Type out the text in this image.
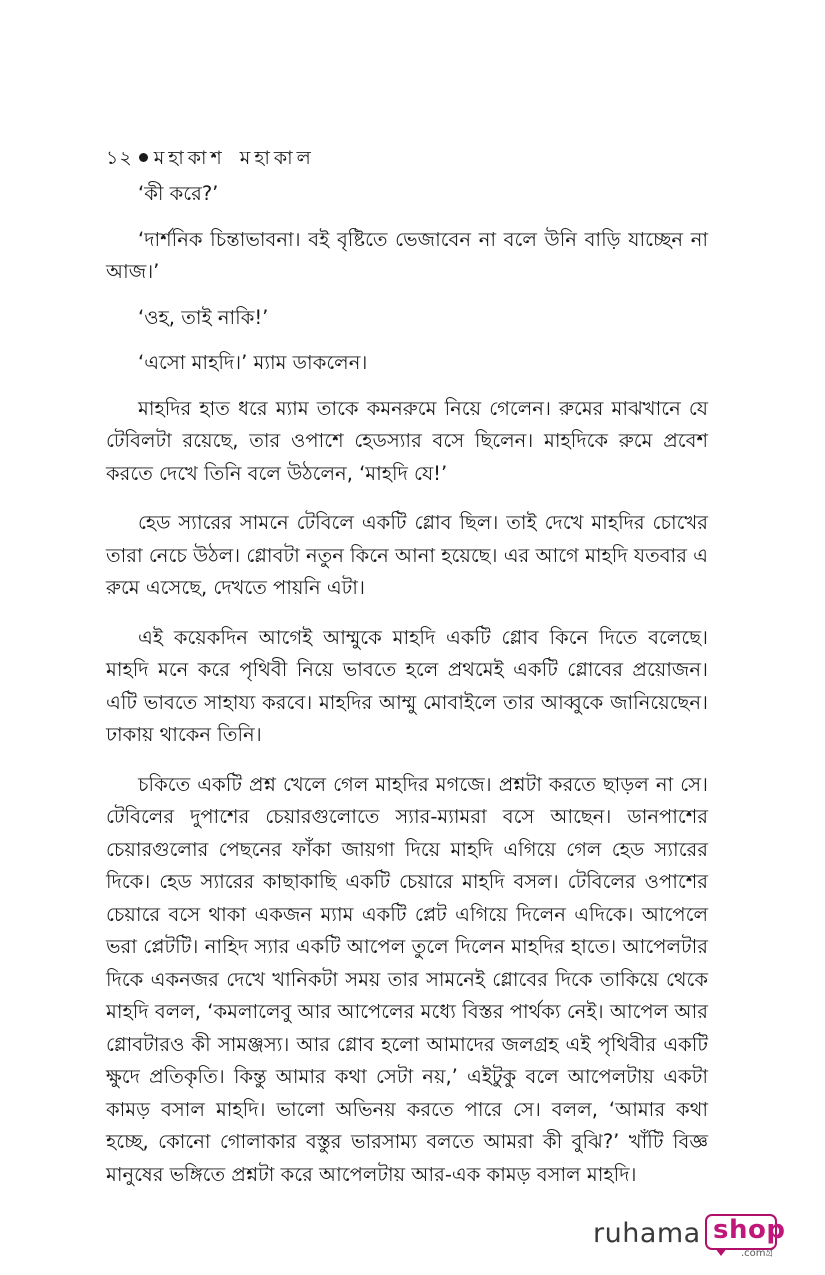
১২ মহাকাশ মহাকাল

‘কী করে?’

‘দার্শনিক চিন্তাভাবনা। বই বৃষ্টিতে ভেজাবেন না বলে উনি বাড়ি যাচ্ছেন না আজ।’

‘ওহ, তাই নাকি!’

‘এসো মাহদি।’ ম্যাম ডাকলেন।

মাহদির হাত ধরে ম্যাম তাকে কমনরুমে নিয়ে গেলেন। রুমের মাঝখানে যে টেবিলটা রয়েছে, তার ওপাশে হেডস্যার বসে ছিলেন। মাহদিকে রুমে প্রবেশ করতে দেখে তিনি বলে উঠলেন, ‘মাহদি যে!’

হেড স্যারের সামনে টেবিলে একটি গ্লোব ছিল। তাই দেখে মাহদির চোখের তারা নেচে উঠল। গ্লোবটা নতুন কিনে আনা হয়েছে। এর আগে মাহদি যতবার এ রুমে এসেছে, দেখতে পায়নি এটা।

এই কয়েকদিন আগেই আম্মুকে মাহদি একটি গ্লোব কিনে দিতে বলেছে। মাহদি মনে করে পৃথিবী নিয়ে ভাবতে হলে প্রথমেই একটি গ্লোবের প্রয়োজন। এটি ভাবতে সাহায্য করবে। মাহদির আম্মু মোবাইলে তার আব্বুকে জানিয়েছেন। ঢাকায় থাকেন তিনি।

চকিতে একটি প্রশ্ন খেলে গেল মাহদির মগজে। প্রশ্নটা করতে ছাড়ল না সে। টেবিলের দুপাশের চেয়ারগুলোতে স্যার-ম্যামরা বসে আছেন। ডানপাশের চেয়ারগুলোর পেছনের ফাঁকা জায়গা দিয়ে মাহদি এগিয়ে গেল হেড স্যারের দিকে। হেড স্যারের কাছাকাছি একটি চেয়ারে মাহদি বসল। টেবিলের ওপাশের চেয়ারে বসে থাকা একজন ম্যাম একটি প্লেট এগিয়ে দিলেন এদিকে। আপেলে ভরা প্লেটটি। নাহিদ স্যার একটি আপেল তুলে দিলেন মাহদির হাতে। আপেলটার দিকে একনজর দেখে খানিকটা সময় তার সামনেই গ্লোবের দিকে তাকিয়ে থেকে মাহদি বলল, ‘কমলালেবু আর আপেলের মধ্যে বিস্তর পার্থক্য নেই। আপেল আর গ্লোবটারও কী সামঞ্জস্য। আর গ্লোব হলো আমাদের জলগ্রহ এই পৃথিবীর একটি ক্ষুদে প্রতিকৃতি। কিন্তু আমার কথা সেটা নয়,’ এইটুকু বলে আপেলটায় একটা কামড় বসাল মাহদি। ভালো অভিনয় করতে পারে সে। বলল, ‘আমার কথা হচ্ছে, কোনো গোলাকার বস্তুর ভারসাম্য বলতে আমরা কী বুঝি?’ খাঁটি বিজ্ঞ মানুষের ভঙ্গিতে প্রশ্নটা করে আপেলটায় আর-এক কামড় বসাল মাহদি।

ruhama shop
.comগ্র
